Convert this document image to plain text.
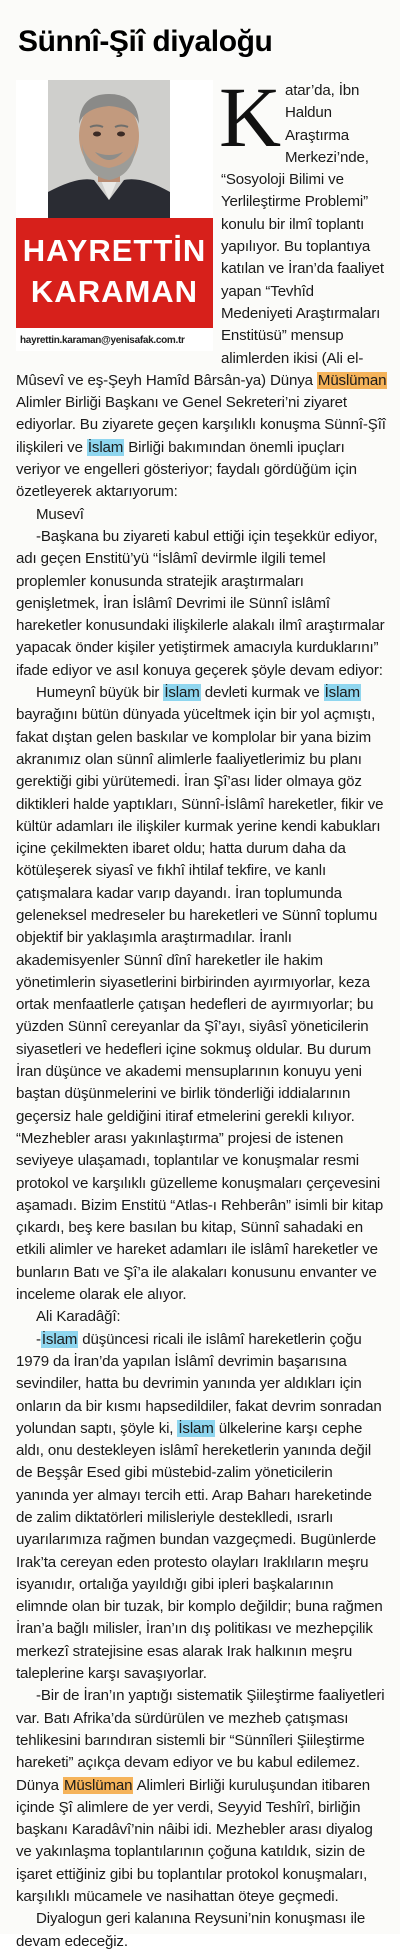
Sünnî-Şiî diyaloğu
HAYRETTİN
KARAMAN
hayrettin.karaman@yenisafak.com.tr

Katar’da, İbn Haldun Araştırma Merkezi’nde, “Sosyoloji Bilimi ve Yerlileştirme Problemi” konulu bir ilmî toplantı yapılıyor. Bu toplantıya katılan ve İran’da faaliyet yapan “Tevhîd Medeniyeti Araştırmaları Enstitüsü” mensup alimlerden ikisi (Ali el-Mûsevî ve eş-Şeyh Hamîd Bârsân-ya) Dünya Müslüman Alimler Birliği Başkanı ve Genel Sekreteri’ni ziyaret ediyorlar. Bu ziyarete geçen karşılıklı konuşma Sünnî-Şîî ilişkileri ve İslam Birliği bakımından önemli ipuçları veriyor ve engelleri gösteriyor; faydalı gördüğüm için özetleyerek aktarıyorum:

Musevî

-Başkana bu ziyareti kabul ettiği için teşekkür ediyor, adı geçen Enstitü’yü “İslâmî devirmle ilgili temel proplemler konusunda stratejik araştırmaları genişletmek, İran İslâmî Devrimi ile Sünnî islâmî hareketler konusundaki ilişkilerle alakalı ilmî araştırmalar yapacak önder kişiler yetiştirmek amacıyla kurduklarını” ifade ediyor ve asıl konuya geçerek şöyle devam ediyor:

Humeynî büyük bir İslam devleti kurmak ve İslam bayrağını bütün dünyada yüceltmek için bir yol açmıştı, fakat dıştan gelen baskılar ve komplolar bir yana bizim akranımız olan sünnî alimlerle faaliyetlerimiz bu planı gerektiği gibi yürütemedi. İran Şî’ası lider olmaya göz diktikleri halde yaptıkları, Sünnî-İslâmî hareketler, fikir ve kültür adamları ile ilişkiler kurmak yerine kendi kabukları içine çekilmekten ibaret oldu; hatta durum daha da kötüleşerek siyasî ve fıkhî ihtilaf tekfire, ve kanlı çatışmalara kadar varıp dayandı. İran toplumunda geleneksel medreseler bu hareketleri ve Sünnî toplumu objektif bir yaklaşımla araştırmadılar. İranlı akademisyenler Sünnî dînî hareketler ile hakim yönetimlerin siyasetlerini birbirinden ayırmıyorlar, keza ortak menfaatlerle çatışan hedefleri de ayırmıyorlar; bu yüzden Sünnî cereyanlar da Şî’ayı, siyâsî yöneticilerin siyasetleri ve hedefleri içine sokmuş oldular. Bu durum İran düşünce ve akademi mensuplarının konuyu yeni baştan düşünmelerini ve birlik tönderliği iddialarının geçersiz hale geldiğini itiraf etmelerini gerekli kılıyor. “Mezhebler arası yakınlaştırma” projesi de istenen seviyeye ulaşamadı, toplantılar ve konuşmalar resmi protokol ve karşılıklı güzelleme konuşmaları çerçevesini aşamadı. Bizim Enstitü “Atlas-ı Rehberân” isimli bir kitap çıkardı, beş kere basılan bu kitap, Sünnî sahadaki en etkili alimler ve hareket adamları ile islâmî hareketler ve bunların Batı ve Şî’a ile alakaları konusunu envanter ve inceleme olarak ele alıyor.

Ali Karadâğî:

-İslam düşüncesi ricali ile islâmî hareketlerin çoğu 1979 da İran’da yapılan İslâmî devrimin başarısına sevindiler, hatta bu devrimin yanında yer aldıkları için onların da bir kısmı hapsedildiler, fakat devrim sonradan yolundan saptı, şöyle ki, İslam ülkelerine karşı cephe aldı, onu destekleyen islâmî hereketlerin yanında değil de Beşşâr Esed gibi müstebid-zalim yöneticilerin yanında yer almayı tercih etti. Arap Baharı hareketinde de zalim diktatörleri milisleriyle desteklledi, ısrarlı uyarılarımıza rağmen bundan vazgeçmedi. Bugünlerde Irak’ta cereyan eden protesto olayları Iraklıların meşru isyanıdır, ortalığa yayıldığı gibi ipleri başkalarının elimnde olan bir tuzak, bir komplo değildir; buna rağmen İran’a bağlı milisler, İran’ın dış politikası ve mezhepçilik merkezî stratejisine esas alarak Irak halkının meşru taleplerine karşı savaşıyorlar.

-Bir de İran’ın yaptığı sistematik Şiileştirme faaliyetleri var. Batı Afrika’da sürdürülen ve mezheb çatışması tehlikesini barındıran sistemli bir “Sünnîleri Şiileştirme hareketi” açıkça devam ediyor ve bu kabul edilemez. Dünya Müslüman Alimleri Birliği kuruluşundan itibaren içinde Şî alimlere de yer verdi, Seyyid Teshîrî, birliğin başkanı Karadâvî’nin nâibi idi. Mezhebler arası diyalog ve yakınlaşma toplantılarının çoğuna katıldık, sizin de işaret ettiğiniz gibi bu toplantılar protokol konuşmaları, karşılıklı mücamele ve nasihattan öteye geçmedi.

Diyalogun geri kalanına Reysuni’nin konuşması ile devam edeceğiz.
